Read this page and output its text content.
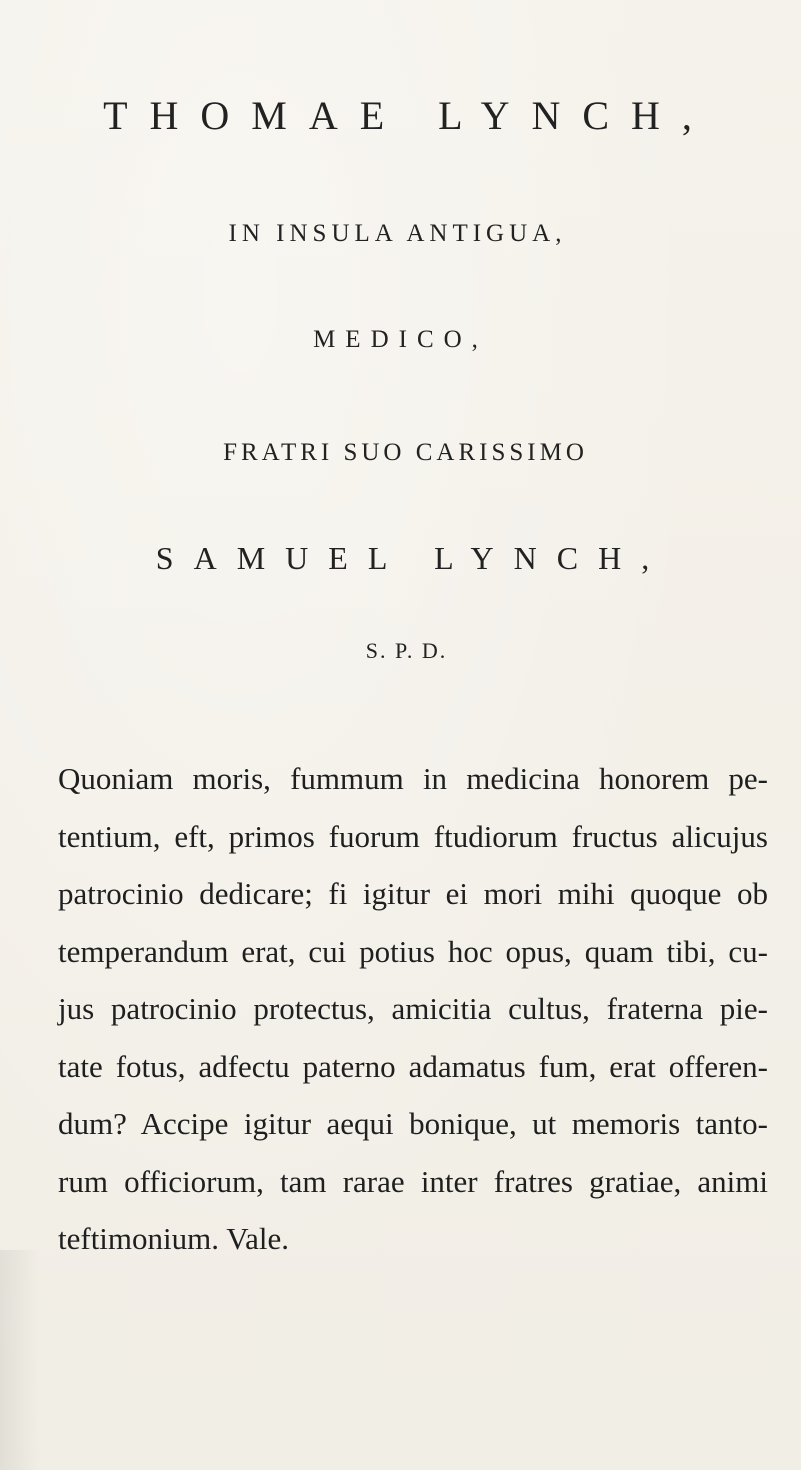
THOMAE LYNCH,
IN INSULA ANTIGUA,
MEDICO,
FRATRI SUO CARISSIMO
SAMUEL LYNCH,
S. P. D.
Quoniam moris, fummum in medicina honorem pe-
tentium, eft, primos fuorum ftudiorum fructus alicujus
patrocinio dedicare; fi igitur ei mori mihi quoque ob
temperandum erat, cui potius hoc opus, quam tibi, cu-
jus patrocinio protectus, amicitia cultus, fraterna pie-
tate fotus, adfectu paterno adamatus fum, erat offeren-
dum? Accipe igitur aequi bonique, ut memoris tanto-
rum officiorum, tam rarae inter fratres gratiae, animi
teftimonium. Vale.
